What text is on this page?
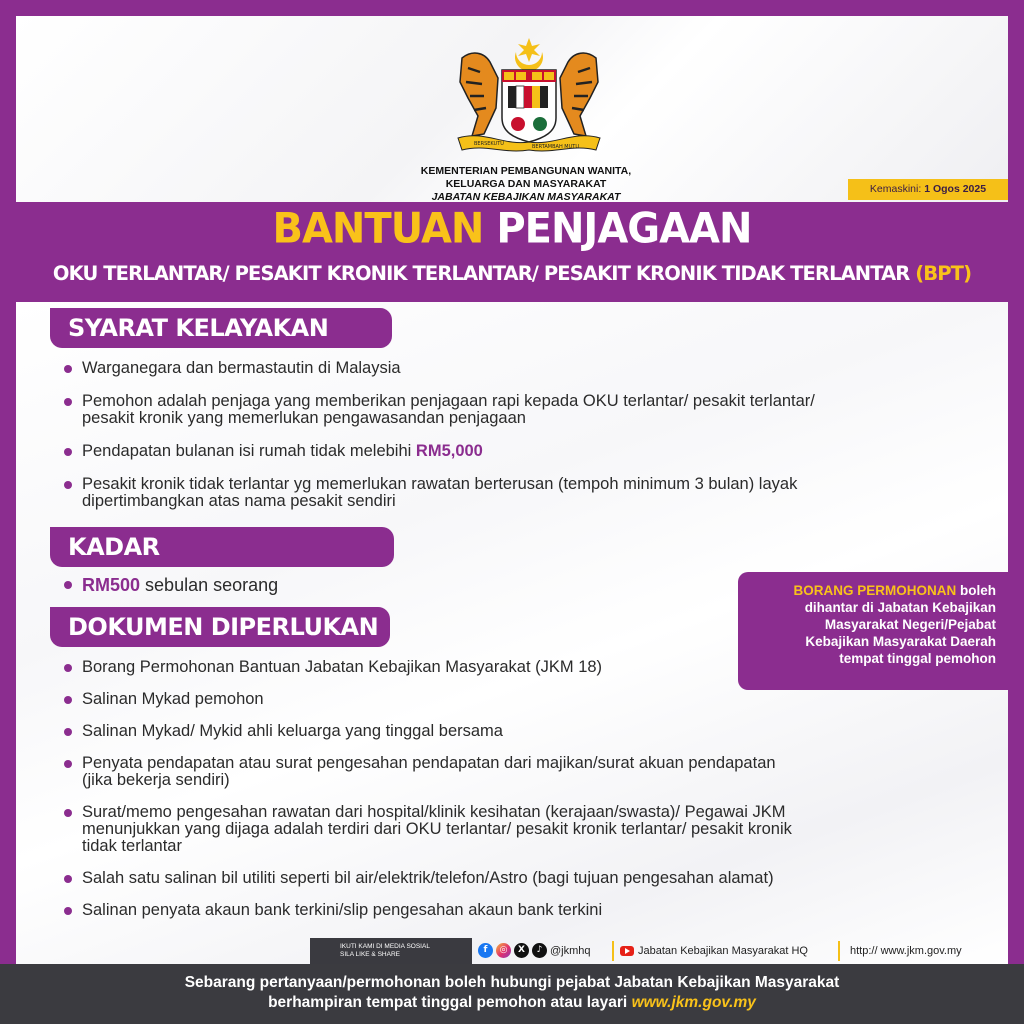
BERSEKUTU	BERTAMBAH MUTU
KEMENTERIAN PEMBANGUNAN WANITA,
KELUARGA DAN MASYARAKAT
JABATAN KEBAJIKAN MASYARAKAT
Kemaskini: 1 Ogos 2025
BANTUAN PENJAGAAN
OKU TERLANTAR/ PESAKIT KRONIK TERLANTAR/ PESAKIT KRONIK TIDAK TERLANTAR (BPT)
SYARAT KELAYAKAN
Warganegara dan bermastautin di Malaysia
Pemohon adalah penjaga yang memberikan penjagaan rapi kepada OKU terlantar/ pesakit terlantar/
pesakit kronik yang memerlukan pengawasandan penjagaan
Pendapatan bulanan isi rumah tidak melebihi RM5,000
Pesakit kronik tidak terlantar yg memerlukan rawatan berterusan (tempoh minimum 3 bulan) layak
dipertimbangkan atas nama pesakit sendiri
KADAR
RM500 sebulan seorang	BORANG PERMOHONAN boleh
dihantar di Jabatan Kebajikan
Masyarakat Negeri/Pejabat
Kebajikan Masyarakat Daerah
tempat tinggal pemohon
DOKUMEN DIPERLUKAN
Borang Permohonan Bantuan Jabatan Kebajikan Masyarakat (JKM 18)
Salinan Mykad pemohon
Salinan Mykad/ Mykid ahli keluarga yang tinggal bersama
Penyata pendapatan atau surat pengesahan pendapatan dari majikan/surat akuan pendapatan
(jika bekerja sendiri)
Surat/memo pengesahan rawatan dari hospital/klinik kesihatan (kerajaan/swasta)/ Pegawai JKM
menunjukkan yang dijaga adalah terdiri dari OKU terlantar/ pesakit kronik terlantar/ pesakit kronik
tidak terlantar
Salah satu salinan bil utiliti seperti bil air/elektrik/telefon/Astro (bagi tujuan pengesahan alamat)
Salinan penyata akaun bank terkini/slip pengesahan akaun bank terkini
IKUTI KAMI DI MEDIA SOSIAL
SILA LIKE & SHARE	f	◎	X	♪ @jkmhq	Jabatan Kebajikan Masyarakat HQ	http:// www.jkm.gov.my
Sebarang pertanyaan/permohonan boleh hubungi pejabat Jabatan Kebajikan Masyarakat
berhampiran tempat tinggal pemohon atau layari www.jkm.gov.my
